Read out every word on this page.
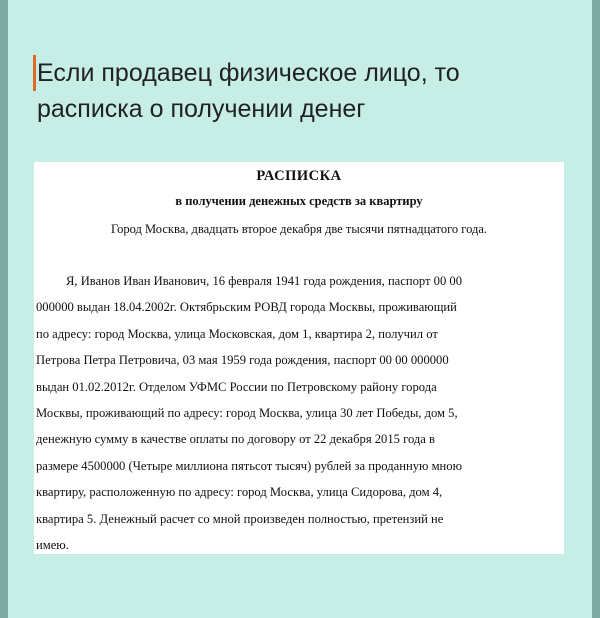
Если продавец физическое лицо, то расписка о получении денег
РАСПИСКА
в получении денежных средств за квартиру
Город Москва, двадцать второе декабря две тысячи пятнадцатого года.
Я, Иванов Иван Иванович, 16 февраля 1941 года рождения, паспорт 00 00
000000 выдан 18.04.2002г. Октябрьским РОВД города Москвы, проживающий
по адресу: город Москва, улица Московская, дом 1, квартира 2, получил от
Петрова Петра Петровича, 03 мая 1959 года рождения, паспорт 00 00 000000
выдан 01.02.2012г. Отделом УФМС России по Петровскому району города
Москвы, проживающий по адресу: город Москва, улица 30 лет Победы, дом 5,
денежную сумму в качестве оплаты по договору от 22 декабря 2015 года в
размере 4500000 (Четыре миллиона пятьсот тысяч) рублей за проданную мною
квартиру, расположенную по адресу: город Москва, улица Сидорова, дом 4,
квартира 5. Денежный расчет со мной произведен полностью, претензий не
имею.
